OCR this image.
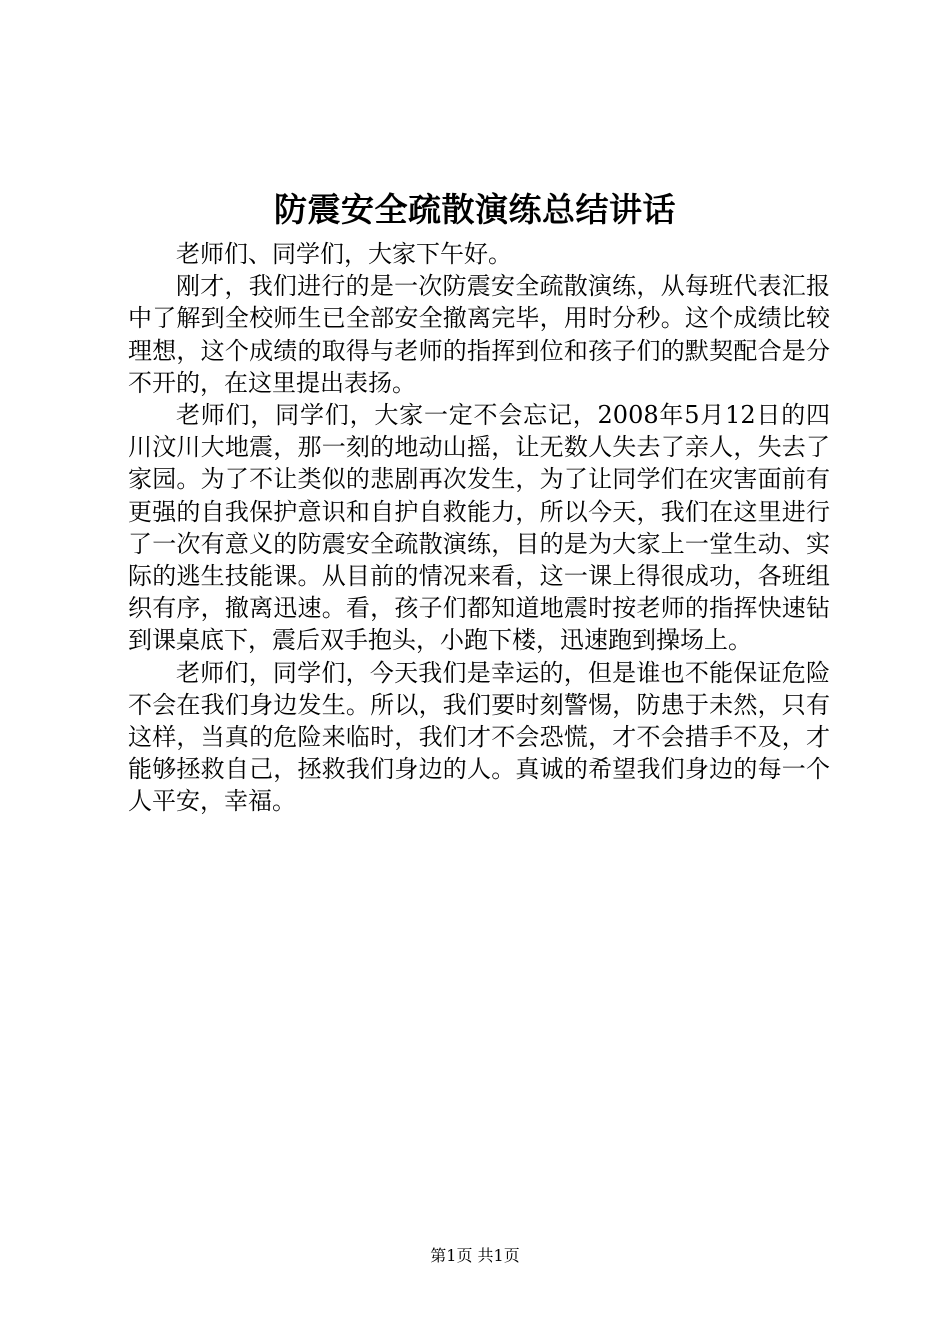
防震安全疏散演练总结讲话

老师们、同学们，大家下午好。

刚才，我们进行的是一次防震安全疏散演练，从每班代表汇报中了解到全校师生已全部安全撤离完毕，用时分秒。这个成绩比较理想，这个成绩的取得与老师的指挥到位和孩子们的默契配合是分不开的，在这里提出表扬。

老师们，同学们，大家一定不会忘记，2008年5月12日的四川汶川大地震，那一刻的地动山摇，让无数人失去了亲人，失去了家园。为了不让类似的悲剧再次发生，为了让同学们在灾害面前有更强的自我保护意识和自护自救能力，所以今天，我们在这里进行了一次有意义的防震安全疏散演练，目的是为大家上一堂生动、实际的逃生技能课。从目前的情况来看，这一课上得很成功，各班组织有序，撤离迅速。看，孩子们都知道地震时按老师的指挥快速钻到课桌底下，震后双手抱头，小跑下楼，迅速跑到操场上。

老师们，同学们，今天我们是幸运的，但是谁也不能保证危险不会在我们身边发生。所以，我们要时刻警惕，防患于未然，只有这样，当真的危险来临时，我们才不会恐慌，才不会措手不及，才能够拯救自己，拯救我们身边的人。真诚的希望我们身边的每一个人平安，幸福。

第1页 共1页
